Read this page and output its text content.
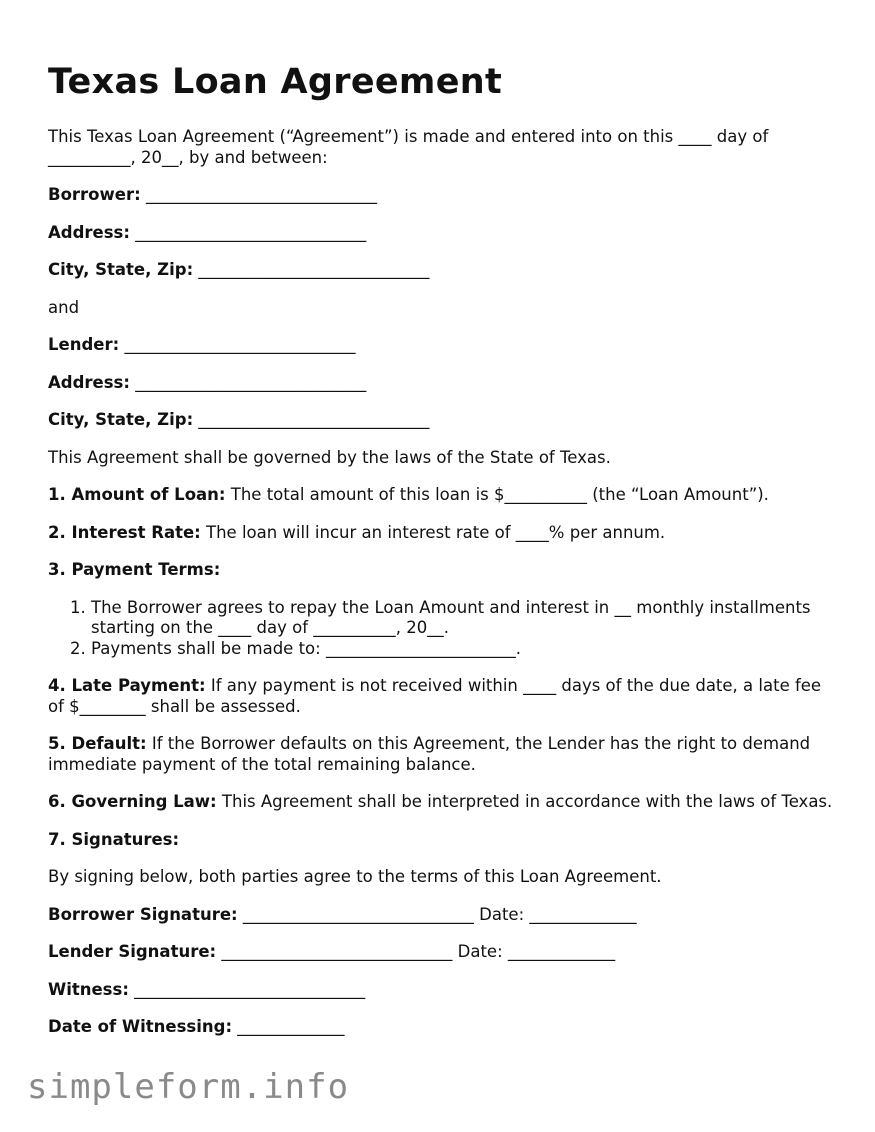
Texas Loan Agreement

This Texas Loan Agreement (“Agreement”) is made and entered into on this ____ day of __________, 20__, by and between:

Borrower: ____________________________

Address: ____________________________

City, State, Zip: ____________________________

and

Lender: ____________________________

Address: ____________________________

City, State, Zip: ____________________________

This Agreement shall be governed by the laws of the State of Texas.

1. Amount of Loan: The total amount of this loan is $__________ (the “Loan Amount”).

2. Interest Rate: The loan will incur an interest rate of ____% per annum.

3. Payment Terms:

1. The Borrower agrees to repay the Loan Amount and interest in __ monthly installments starting on the ____ day of __________, 20__.
2. Payments shall be made to: _______________________.

4. Late Payment: If any payment is not received within ____ days of the due date, a late fee of $________ shall be assessed.

5. Default: If the Borrower defaults on this Agreement, the Lender has the right to demand immediate payment of the total remaining balance.

6. Governing Law: This Agreement shall be interpreted in accordance with the laws of Texas.

7. Signatures:

By signing below, both parties agree to the terms of this Loan Agreement.

Borrower Signature: ____________________________ Date: _____________

Lender Signature: ____________________________ Date: _____________

Witness: ____________________________

Date of Witnessing: _____________

simpleform.info
